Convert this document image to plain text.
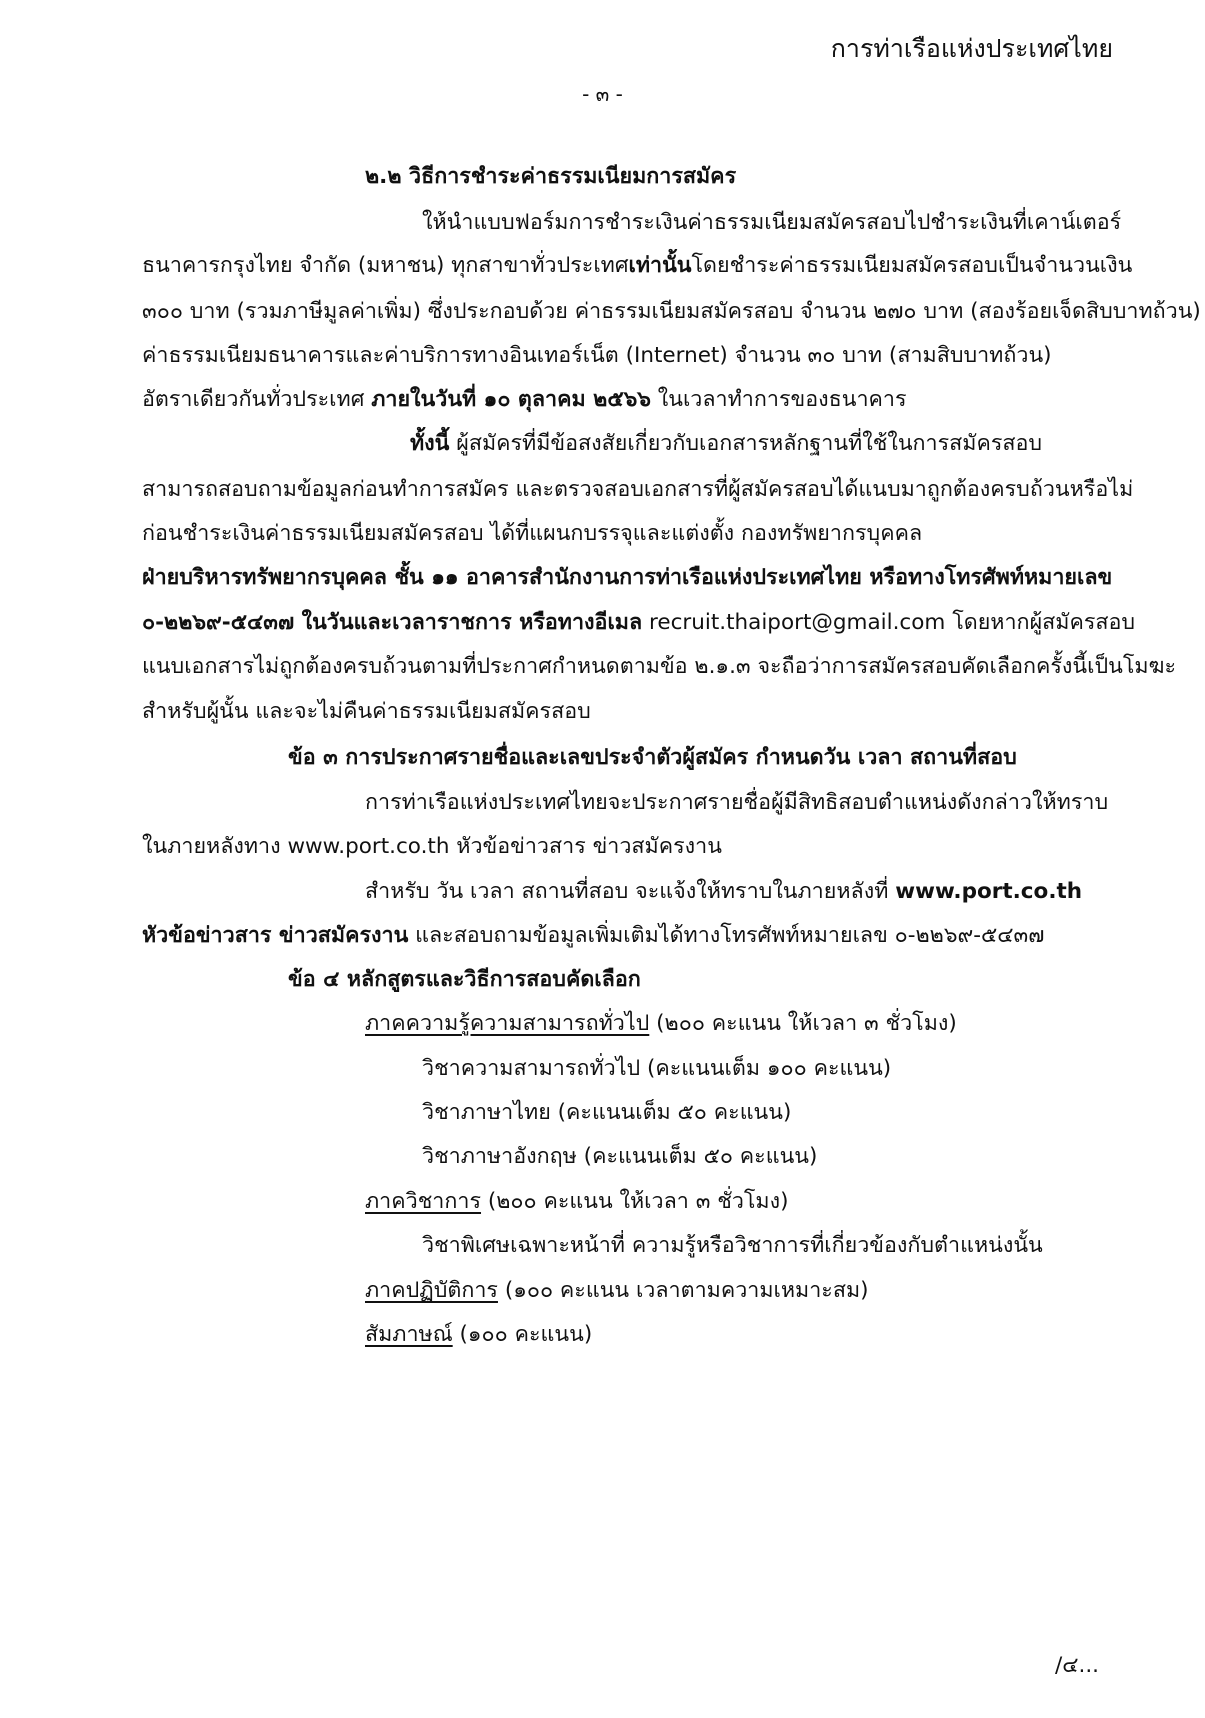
การท่าเรือแห่งประเทศไทย
- ๓ -
๒.๒ วิธีการชำระค่าธรรมเนียมการสมัคร
ให้นำแบบฟอร์มการชำระเงินค่าธรรมเนียมสมัครสอบไปชำระเงินที่เคาน์เตอร์
ธนาคารกรุงไทย จำกัด (มหาชน) ทุกสาขาทั่วประเทศ เท่านั้น โดยชำระค่าธรรมเนียมสมัครสอบเป็นจำนวนเงิน
๓๐๐ บาท (รวมภาษีมูลค่าเพิ่ม) ซึ่งประกอบด้วย ค่าธรรมเนียมสมัครสอบ จำนวน ๒๗๐ บาท (สองร้อยเจ็ดสิบบาทถ้วน)
ค่าธรรมเนียมธนาคารและค่าบริการทางอินเทอร์เน็ต (Internet) จำนวน ๓๐ บาท (สามสิบบาทถ้วน)
อัตราเดียวกันทั่วประเทศ ภายในวันที่ ๑๐ ตุลาคม ๒๕๖๖ ในเวลาทำการของธนาคาร
ทั้งนี้ ผู้สมัครที่มีข้อสงสัยเกี่ยวกับเอกสารหลักฐานที่ใช้ในการสมัครสอบ
สามารถสอบถามข้อมูลก่อนทำการสมัคร และตรวจสอบเอกสารที่ผู้สมัครสอบได้แนบมาถูกต้องครบถ้วนหรือไม่
ก่อนชำระเงินค่าธรรมเนียมสมัครสอบ ได้ที่แผนกบรรจุและแต่งตั้ง กองทรัพยากรบุคคล
ฝ่ายบริหารทรัพยากรบุคคล ชั้น ๑๑ อาคารสำนักงานการท่าเรือแห่งประเทศไทย หรือทางโทรศัพท์หมายเลข
๐-๒๒๖๙-๕๔๓๗ ในวันและเวลาราชการ หรือทางอีเมล recruit.thaiport@gmail.com โดยหากผู้สมัครสอบ
แนบเอกสารไม่ถูกต้องครบถ้วนตามที่ประกาศกำหนดตามข้อ ๒.๑.๓ จะถือว่าการสมัครสอบคัดเลือกครั้งนี้เป็นโมฆะ
สำหรับผู้นั้น และจะไม่คืนค่าธรรมเนียมสมัครสอบ
ข้อ ๓ การประกาศรายชื่อและเลขประจำตัวผู้สมัคร กำหนดวัน เวลา สถานที่สอบ
การท่าเรือแห่งประเทศไทยจะประกาศรายชื่อผู้มีสิทธิสอบตำแหน่งดังกล่าวให้ทราบ
ในภายหลังทาง www.port.co.th หัวข้อข่าวสาร ข่าวสมัครงาน
สำหรับ วัน เวลา สถานที่สอบ จะแจ้งให้ทราบในภายหลังที่ www.port.co.th
หัวข้อข่าวสาร ข่าวสมัครงาน และสอบถามข้อมูลเพิ่มเติมได้ทางโทรศัพท์หมายเลข ๐-๒๒๖๙-๕๔๓๗
ข้อ ๔ หลักสูตรและวิธีการสอบคัดเลือก
ภาคความรู้ความสามารถทั่วไป (๒๐๐ คะแนน ให้เวลา ๓ ชั่วโมง)
วิชาความสามารถทั่วไป (คะแนนเต็ม ๑๐๐ คะแนน)
วิชาภาษาไทย (คะแนนเต็ม ๕๐ คะแนน)
วิชาภาษาอังกฤษ (คะแนนเต็ม ๕๐ คะแนน)
ภาควิชาการ (๒๐๐ คะแนน ให้เวลา ๓ ชั่วโมง)
วิชาพิเศษเฉพาะหน้าที่ ความรู้หรือวิชาการที่เกี่ยวข้องกับตำแหน่งนั้น
ภาคปฏิบัติการ (๑๐๐ คะแนน เวลาตามความเหมาะสม)
สัมภาษณ์ (๑๐๐ คะแนน)
/๔...
